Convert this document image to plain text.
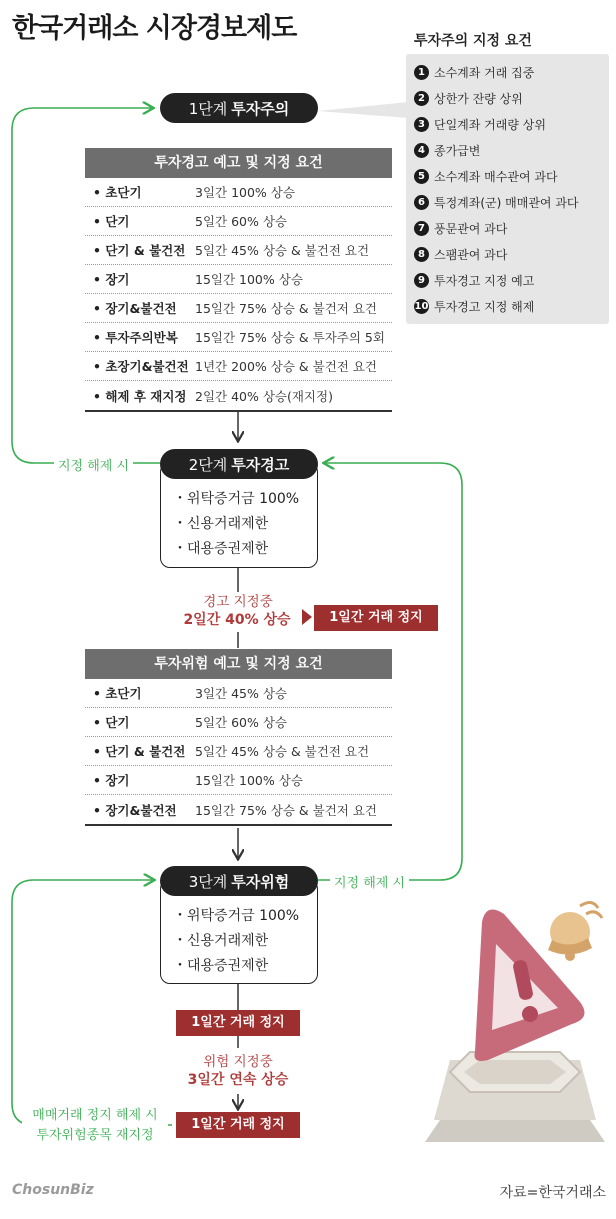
한국거래소 시장경보제도	투자주의 지정 요건
1 소수계좌 거래 집중
2 상한가 잔량 상위
3 단일계좌 거래량 상위
4 종가급변
5 소수계좌 매수관여 과다
6 특정계좌(군) 매매관여 과다
7 풍문관여 과다
8 스팸관여 과다
9 투자경고 지정 예고
10 투자경고 지정 해제
1단계 투자주의
투자경고 예고 및 지정 요건
• 초단기	3일간 100% 상승
• 단기	5일간 60% 상승
• 단기 & 불건전 5일간 45% 상승 & 불건전 요건
• 장기	15일간 100% 상승
• 장기&불건전	15일간 75% 상승 & 불건저 요건
• 투자주의반복	15일간 75% 상승 & 투자주의 5회
• 초장기&불건전 1년간 200% 상승 & 불건전 요건
• 해제 후 재지정 2일간 40% 상승(재지정)
지정 해제 시
・위탁증거금 100%
・신용거래제한
・대용증권제한
2단계 투자경고
경고 지정중
2일간 40% 상승	1일간 거래 정지
투자위험 예고 및 지정 요건
• 초단기	3일간 45% 상승
• 단기	5일간 60% 상승
• 단기 & 불건전 5일간 45% 상승 & 불건전 요건
• 장기	15일간 100% 상승
• 장기&불건전	15일간 75% 상승 & 불건저 요건
지정 해제 시
・위탁증거금 100%
・신용거래제한
・대용증권제한
3단계 투자위험
1일간 거래 정지
위험 지정중
3일간 연속 상승
1일간 거래 정지
매매거래 정지 해제 시
투자위험종목 재지정
ChosunBiz	자료=한국거래소
